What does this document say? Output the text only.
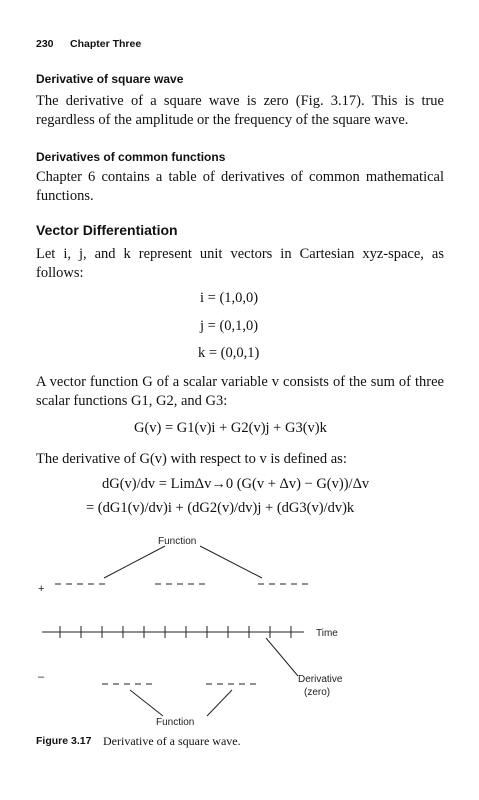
230 Chapter Three
Derivative of square wave
The derivative of a square wave is zero (Fig. 3.17). This is true regardless of the amplitude or the frequency of the square wave.
Derivatives of common functions
Chapter 6 contains a table of derivatives of common mathematical functions.
Vector Differentiation
Let i, j, and k represent unit vectors in Cartesian xyz-space, as follows:
i = (1,0,0)
j = (0,1,0)
k = (0,0,1)
A vector function G of a scalar variable v consists of the sum of three scalar functions G1, G2, and G3:
G(v) = G1(v)i + G2(v)j + G3(v)k
The derivative of G(v) with respect to v is defined as:
dG(v)/dv = LimΔv→0 (G(v + Δv) − G(v))/Δv
= (dG1(v)/dv)i + (dG2(v)/dv)j + (dG3(v)/dv)k
Function
Function
Time
Derivative
(zero)
+
–
Figure 3.17 Derivative of a square wave.
